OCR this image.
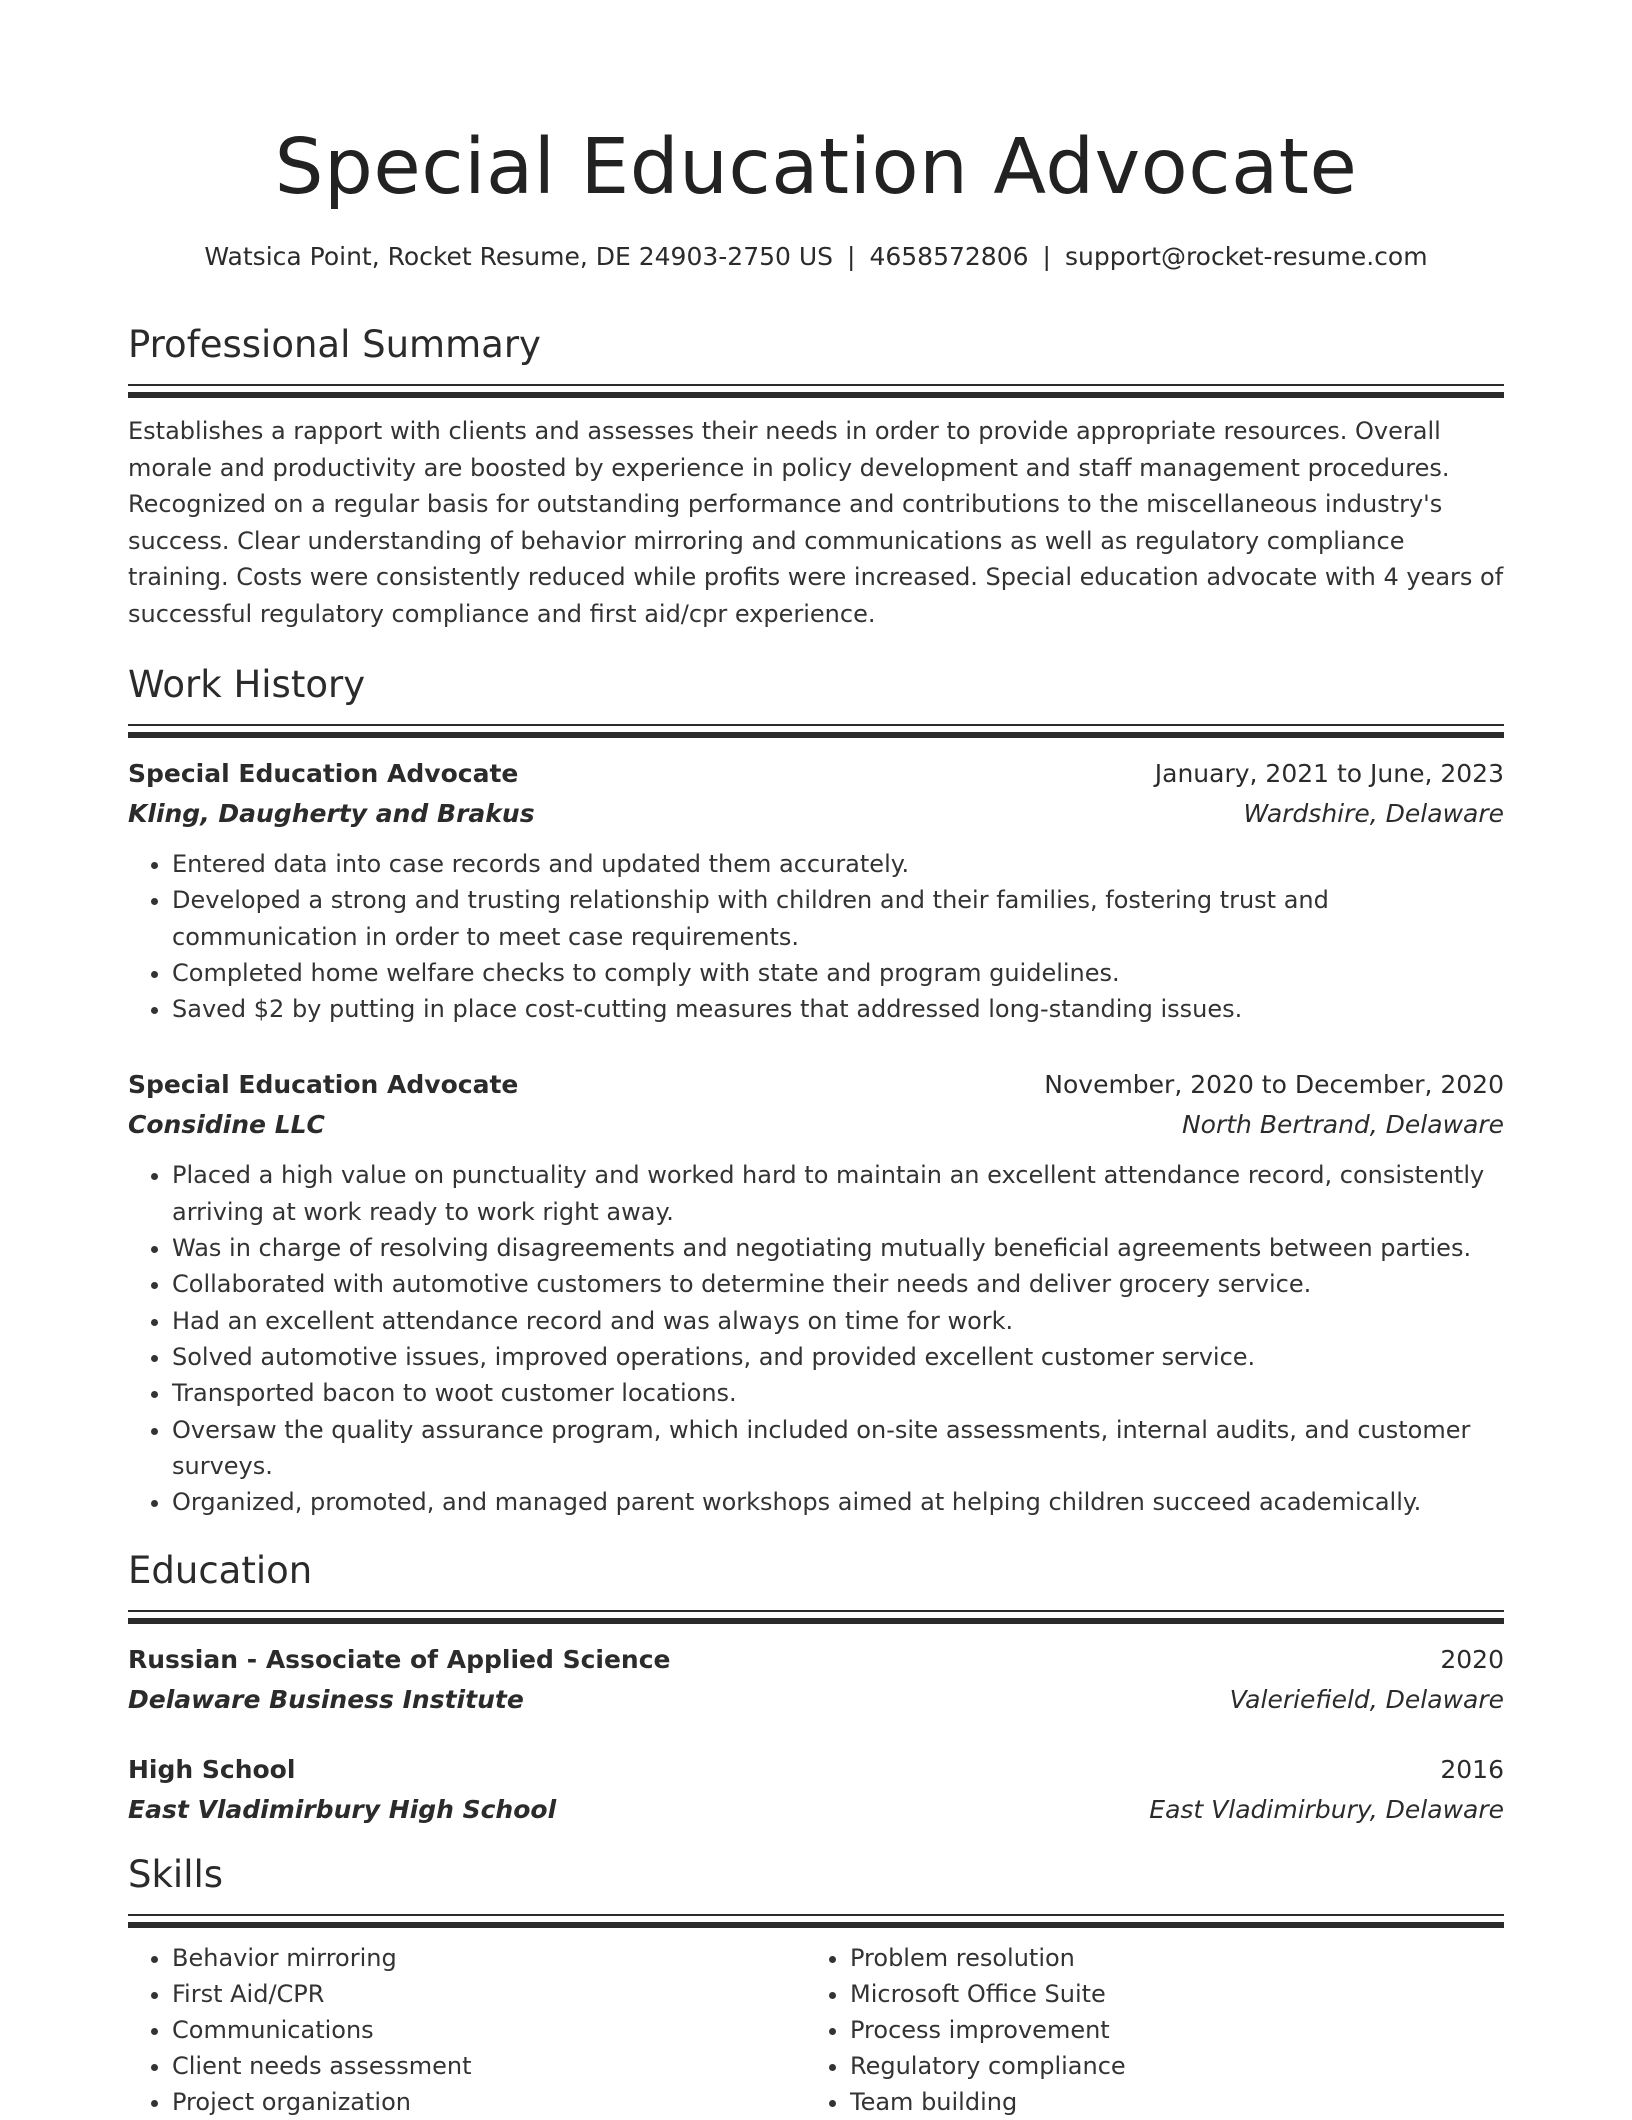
Special Education Advocate
Watsica Point, Rocket Resume, DE 24903-2750 US | 4658572806 | support@rocket-resume.com
Professional Summary
Establishes a rapport with clients and assesses their needs in order to provide appropriate resources. Overall morale and productivity are boosted by experience in policy development and staff management procedures. Recognized on a regular basis for outstanding performance and contributions to the miscellaneous industry's success. Clear understanding of behavior mirroring and communications as well as regulatory compliance training. Costs were consistently reduced while profits were increased. Special education advocate with 4 years of successful regulatory compliance and first aid/cpr experience.
Work History
Special Education Advocate	January, 2021 to June, 2023
Kling, Daugherty and Brakus	Wardshire, Delaware
• Entered data into case records and updated them accurately.
• Developed a strong and trusting relationship with children and their families, fostering trust and communication in order to meet case requirements.
• Completed home welfare checks to comply with state and program guidelines.
• Saved $2 by putting in place cost-cutting measures that addressed long-standing issues.
Special Education Advocate	November, 2020 to December, 2020
Considine LLC	North Bertrand, Delaware
• Placed a high value on punctuality and worked hard to maintain an excellent attendance record, consistently arriving at work ready to work right away.
• Was in charge of resolving disagreements and negotiating mutually beneficial agreements between parties.
• Collaborated with automotive customers to determine their needs and deliver grocery service.
• Had an excellent attendance record and was always on time for work.
• Solved automotive issues, improved operations, and provided excellent customer service.
• Transported bacon to woot customer locations.
• Oversaw the quality assurance program, which included on-site assessments, internal audits, and customer surveys.
• Organized, promoted, and managed parent workshops aimed at helping children succeed academically.
Education
Russian - Associate of Applied Science	2020
Delaware Business Institute	Valeriefield, Delaware
High School	2016
East Vladimirbury High School	East Vladimirbury, Delaware
Skills
• Behavior mirroring
• First Aid/CPR
• Communications
• Client needs assessment
• Project organization
• Problem resolution
• Microsoft Office Suite
• Process improvement
• Regulatory compliance
• Team building
